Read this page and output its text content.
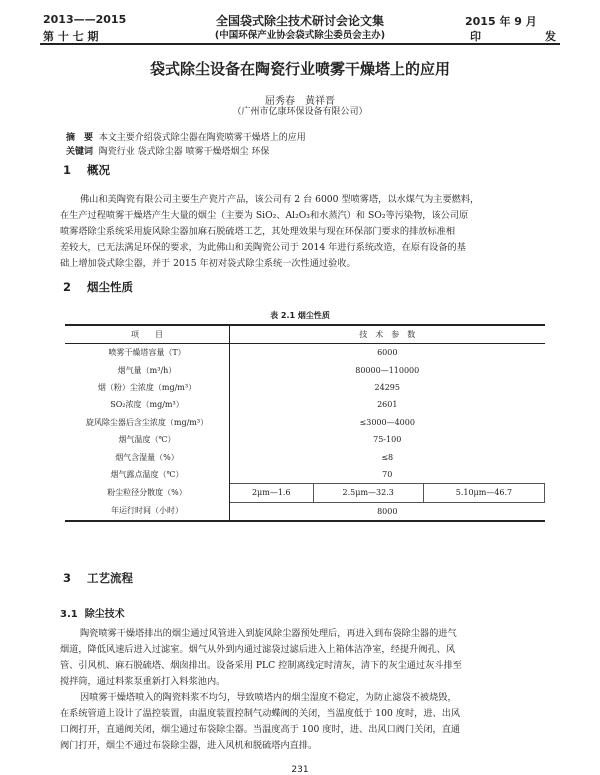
2013——2015
第 十 七 期
全国袋式除尘技术研讨会论文集
(中国环保产业协会袋式除尘委员会主办)
2015 年 9 月
印	发
袋式除尘设备在陶瓷行业喷雾干燥塔上的应用
屈秀春　黄祥晋
（广州市亿康环保设备有限公司）
摘　要 本文主要介绍袋式除尘器在陶瓷喷雾干燥塔上的应用
关键词 陶瓷行业 袋式除尘器 喷雾干燥塔烟尘 环保
1 概况
佛山和美陶瓷有限公司主要生产瓷片产品，该公司有 2 台 6000 型喷雾塔，以水煤气为主要燃料，
在生产过程喷雾干燥塔产生大量的烟尘（主要为 SiO₂、Al₂O₃和水蒸汽）和 SO₂等污染物，该公司原
喷雾塔除尘系统采用旋风除尘器加麻石脱硫塔工艺，其处理效果与现在环保部门要求的排放标准相
差较大，已无法满足环保的要求，为此佛山和美陶瓷公司于 2014 年进行系统改造，在原有设备的基
础上增加袋式除尘器，并于 2015 年初对袋式除尘系统一次性通过验收。
2 烟尘性质
表 2.1 烟尘性质
项　　目	技　术　参　数		
喷雾干燥塔容量（T）	6000		
烟气量（m³/h）	80000—110000		
烟（粉）尘浓度（mg/m³）	24295		
SO₂浓度（mg/m³）	2601		
旋风除尘器后含尘浓度（mg/m³）	≤3000—4000		
烟气温度（℃）	75-100		
烟气含湿量（%）	≤8		
烟气露点温度（℃）	70		
粉尘粒径分散度（%）	2μm—1.6	2.5μm—32.3	5.10μm—46.7
年运行时间（小时）	8000		
3 工艺流程
3.1 除尘技术
陶瓷喷雾干燥塔排出的烟尘通过风管进入到旋风除尘器预处理后，再进入到布袋除尘器的进气
烟道，降低风速后进入过滤室。烟气从外到内通过滤袋过滤后进入上箱体洁净室，经提升阀孔、风
管、引风机、麻石脱硫塔、烟囱排出。设备采用 PLC 控制离线定时清灰，清下的灰尘通过灰斗排至
搅拌筒，通过料浆泵重新打入料浆池内。
因喷雾干燥塔喷入的陶瓷料浆不均匀，导致喷塔内的烟尘湿度不稳定，为防止滤袋不被烧毁，
在系统管道上设计了温控装置，由温度装置控制气动蝶阀的关闭，当温度低于 100 度时，进、出风
口阀打开，直通阀关闭，烟尘通过布袋除尘器。当温度高于 100 度时，进、出风口阀门关闭，直通
阀门打开，烟尘不通过布袋除尘器，进入风机和脱硫塔内直排。
231
